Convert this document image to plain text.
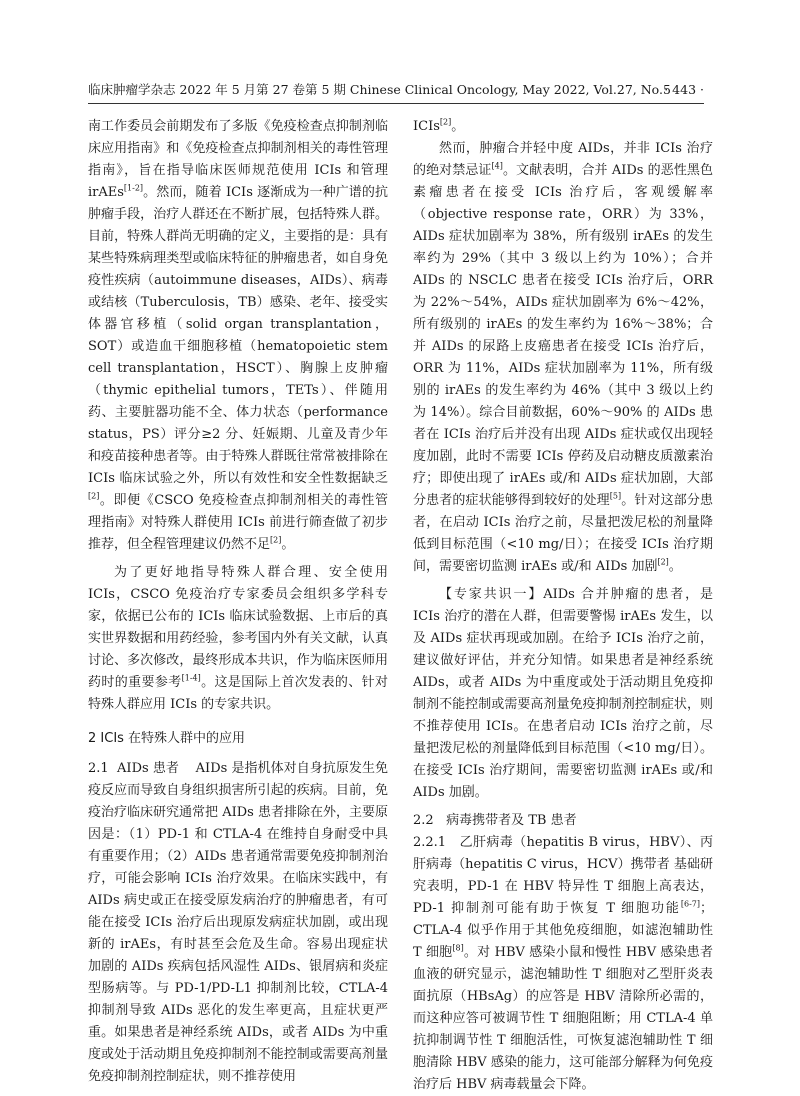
临床肿瘤学杂志 2022 年 5 月第 27 卷第 5 期 Chinese Clinical Oncology, May 2022, Vol.27, No.5
· 443 ·

南工作委员会前期发布了多版《免疫检查点抑制剂临床应用指南》和《免疫检查点抑制剂相关的毒性管理指南》，旨在指导临床医师规范使用 ICIs 和管理 irAEs[1-2]。然而，随着 ICIs 逐渐成为一种广谱的抗肿瘤手段，治疗人群还在不断扩展，包括特殊人群。目前，特殊人群尚无明确的定义，主要指的是：具有某些特殊病理类型或临床特征的肿瘤患者，如自身免疫性疾病（autoimmune diseases，AIDs）、病毒或结核（Tuberculosis，TB）感染、老年、接受实体器官移植（solid organ transplantation，SOT）或造血干细胞移植（hematopoietic stem cell transplantation，HSCT）、胸腺上皮肿瘤（thymic epithelial tumors，TETs）、伴随用药、主要脏器功能不全、体力状态（performance status，PS）评分≥2 分、妊娠期、儿童及青少年和疫苗接种患者等。由于特殊人群既往常常被排除在 ICIs 临床试验之外，所以有效性和安全性数据缺乏[2]。即便《CSCO 免疫检查点抑制剂相关的毒性管理指南》对特殊人群使用 ICIs 前进行筛查做了初步推荐，但全程管理建议仍然不足[2]。

为了更好地指导特殊人群合理、安全使用 ICIs，CSCO 免疫治疗专家委员会组织多学科专家，依据已公布的 ICIs 临床试验数据、上市后的真实世界数据和用药经验，参考国内外有关文献，认真讨论、多次修改，最终形成本共识，作为临床医师用药时的重要参考[1-4]。这是国际上首次发表的、针对特殊人群应用 ICIs 的专家共识。

2 ICIs 在特殊人群中的应用

2.1 AIDs 患者 AIDs 是指机体对自身抗原发生免疫反应而导致自身组织损害所引起的疾病。目前，免疫治疗临床研究通常把 AIDs 患者排除在外，主要原因是：（1）PD-1 和 CTLA-4 在维持自身耐受中具有重要作用；（2）AIDs 患者通常需要免疫抑制剂治疗，可能会影响 ICIs 治疗效果。在临床实践中，有 AIDs 病史或正在接受原发病治疗的肿瘤患者，有可能在接受 ICIs 治疗后出现原发病症状加剧，或出现新的 irAEs，有时甚至会危及生命。容易出现症状加剧的 AIDs 疾病包括风湿性 AIDs、银屑病和炎症型肠病等。与 PD-1/PD-L1 抑制剂比较，CTLA-4 抑制剂导致 AIDs 恶化的发生率更高，且症状更严重。如果患者是神经系统 AIDs，或者 AIDs 为中重度或处于活动期且免疫抑制剂不能控制或需要高剂量免疫抑制剂控制症状，则不推荐使用

ICIs[2]。

然而，肿瘤合并轻中度 AIDs，并非 ICIs 治疗的绝对禁忌证[4]。文献表明，合并 AIDs 的恶性黑色素瘤患者在接受 ICIs 治疗后，客观缓解率（objective response rate，ORR）为 33%，AIDs 症状加剧率为 38%，所有级别 irAEs 的发生率约为 29%（其中 3 级以上约为 10%）；合并 AIDs 的 NSCLC 患者在接受 ICIs 治疗后，ORR 为 22%～54%，AIDs 症状加剧率为 6%～42%，所有级别的 irAEs 的发生率约为 16%～38%；合并 AIDs 的尿路上皮癌患者在接受 ICIs 治疗后，ORR 为 11%，AIDs 症状加剧率为 11%，所有级别的 irAEs 的发生率约为 46%（其中 3 级以上约为 14%）。综合目前数据，60%～90% 的 AIDs 患者在 ICIs 治疗后并没有出现 AIDs 症状或仅出现轻度加剧，此时不需要 ICIs 停药及启动糖皮质激素治疗；即使出现了 irAEs 或/和 AIDs 症状加剧，大部分患者的症状能够得到较好的处理[5]。针对这部分患者，在启动 ICIs 治疗之前，尽量把泼尼松的剂量降低到目标范围（<10 mg/日）；在接受 ICIs 治疗期间，需要密切监测 irAEs 或/和 AIDs 加剧[2]。

【专家共识一】AIDs 合并肿瘤的患者，是 ICIs 治疗的潜在人群，但需要警惕 irAEs 发生，以及 AIDs 症状再现或加剧。在给予 ICIs 治疗之前，建议做好评估，并充分知情。如果患者是神经系统 AIDs，或者 AIDs 为中重度或处于活动期且免疫抑制剂不能控制或需要高剂量免疫抑制剂控制症状，则不推荐使用 ICIs。在患者启动 ICIs 治疗之前，尽量把泼尼松的剂量降低到目标范围（<10 mg/日）。在接受 ICIs 治疗期间，需要密切监测 irAEs 或/和 AIDs 加剧。

2.2 病毒携带者及 TB 患者

2.2.1 乙肝病毒（hepatitis B virus，HBV）、丙肝病毒（hepatitis C virus，HCV）携带者 基础研究表明，PD-1 在 HBV 特异性 T 细胞上高表达，PD-1 抑制剂可能有助于恢复 T 细胞功能[6-7]；CTLA-4 似乎作用于其他免疫细胞，如滤泡辅助性 T 细胞[8]。对 HBV 感染小鼠和慢性 HBV 感染患者血液的研究显示，滤泡辅助性 T 细胞对乙型肝炎表面抗原（HBsAg）的应答是 HBV 清除所必需的，而这种应答可被调节性 T 细胞阻断；用 CTLA-4 单抗抑制调节性 T 细胞活性，可恢复滤泡辅助性 T 细胞清除 HBV 感染的能力，这可能部分解释为何免疫治疗后 HBV 病毒载量会下降。
